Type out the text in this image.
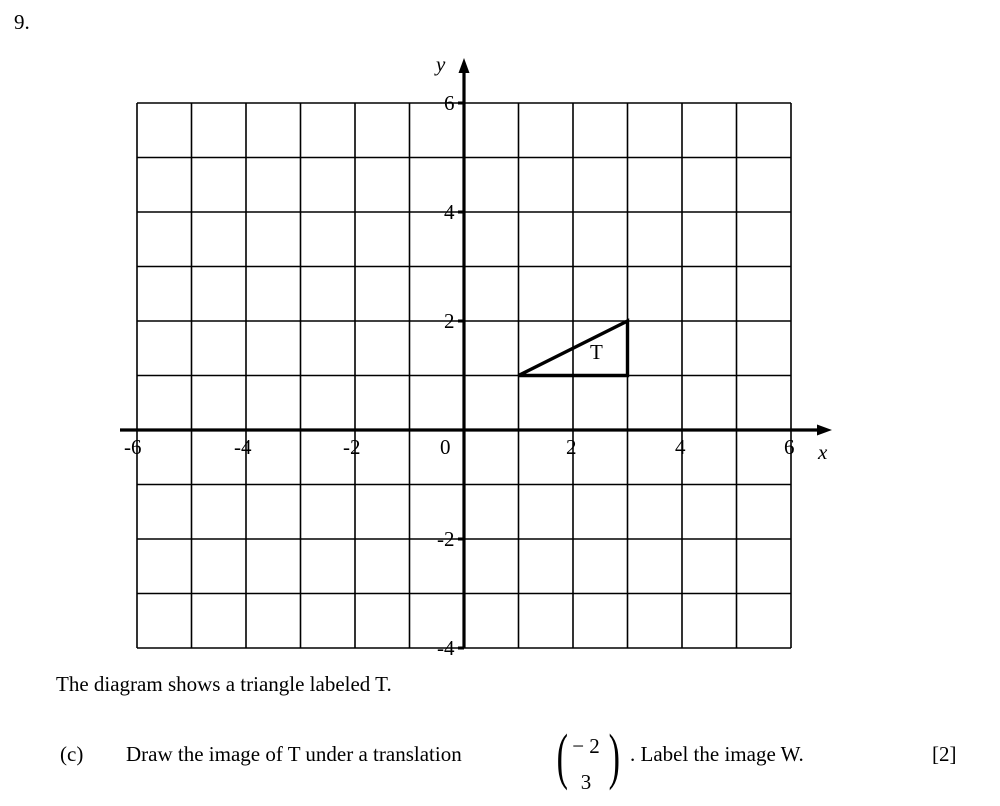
9.
y
x
0
-6	-4	-2	2	4	6
6
4
2
-2
-4
T
The diagram shows a triangle labeled T.
(c) Draw the image of T under a translation ( )
− 2
3
. Label the image W.	[2]
